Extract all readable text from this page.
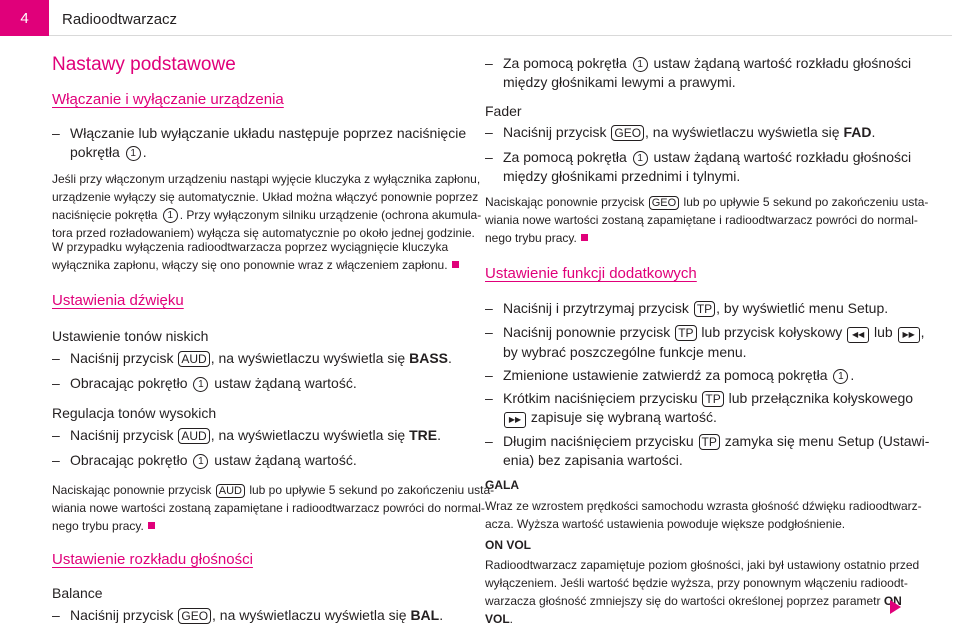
4	Radioodtwarzacz
Nastawy podstawowe
Włączanie i wyłączanie urządzenia
– Włączanie lub wyłączanie układu następuje poprzez naciśnięcie
pokrętła 1 .
Jeśli przy włączonym urządzeniu nastąpi wyjęcie kluczyka z wyłącznika zapłonu,
urządzenie wyłączy się automatycznie. Układ można włączyć ponownie poprzez
naciśnięcie pokrętła 1 . Przy wyłączonym silniku urządzenie (ochrona akumula-
tora przed rozładowaniem) wyłącza się automatycznie po około jednej godzinie.
W przypadku wyłączenia radioodtwarzacza poprzez wyciągnięcie kluczyka
wyłącznika zapłonu, włączy się ono ponownie wraz z włączeniem zapłonu.
Ustawienia dźwięku
Ustawienie tonów niskich
– Naciśnij przycisk AUD , na wyświetlaczu wyświetla się BASS.
– Obracając pokrętło 1 ustaw żądaną wartość.
Regulacja tonów wysokich
– Naciśnij przycisk AUD , na wyświetlaczu wyświetla się TRE.
– Obracając pokrętło 1 ustaw żądaną wartość.
Naciskając ponownie przycisk AUD lub po upływie 5 sekund po zakończeniu usta-
wiania nowe wartości zostaną zapamiętane i radioodtwarzacz powróci do normal-
nego trybu pracy.
Ustawienie rozkładu głośności
Balance
– Naciśnij przycisk GEO , na wyświetlaczu wyświetla się BAL.
– Za pomocą pokrętła 1 ustaw żądaną wartość rozkładu głośności
między głośnikami lewymi a prawymi.
Fader
– Naciśnij przycisk GEO , na wyświetlaczu wyświetla się FAD.
– Za pomocą pokrętła 1 ustaw żądaną wartość rozkładu głośności
między głośnikami przednimi i tylnymi.
Naciskając ponownie przycisk GEO lub po upływie 5 sekund po zakończeniu usta-
wiania nowe wartości zostaną zapamiętane i radioodtwarzacz powróci do normal-
nego trybu pracy.
Ustawienie funkcji dodatkowych
– Naciśnij i przytrzymaj przycisk TP , by wyświetlić menu Setup.
– Naciśnij ponownie przycisk TP lub przycisk kołyskowy ◀◀ lub ▶▶ ,
by wybrać poszczególne funkcje menu.
– Zmienione ustawienie zatwierdź za pomocą pokrętła 1 .
– Krótkim naciśnięciem przycisku TP lub przełącznika kołyskowego
▶▶ zapisuje się wybraną wartość.
– Długim naciśnięciem przycisku TP zamyka się menu Setup (Ustawi-
enia) bez zapisania wartości.
GALA
Wraz ze wzrostem prędkości samochodu wzrasta głośność dźwięku radioodtwarz-
acza. Wyższa wartość ustawienia powoduje większe podgłośnienie.
ON VOL
Radioodtwarzacz zapamiętuje poziom głośności, jaki był ustawiony ostatnio przed
wyłączeniem. Jeśli wartość będzie wyższa, przy ponownym włączeniu radioodt-
warzacza głośność zmniejszy się do wartości określonej poprzez parametr ON
VOL.
